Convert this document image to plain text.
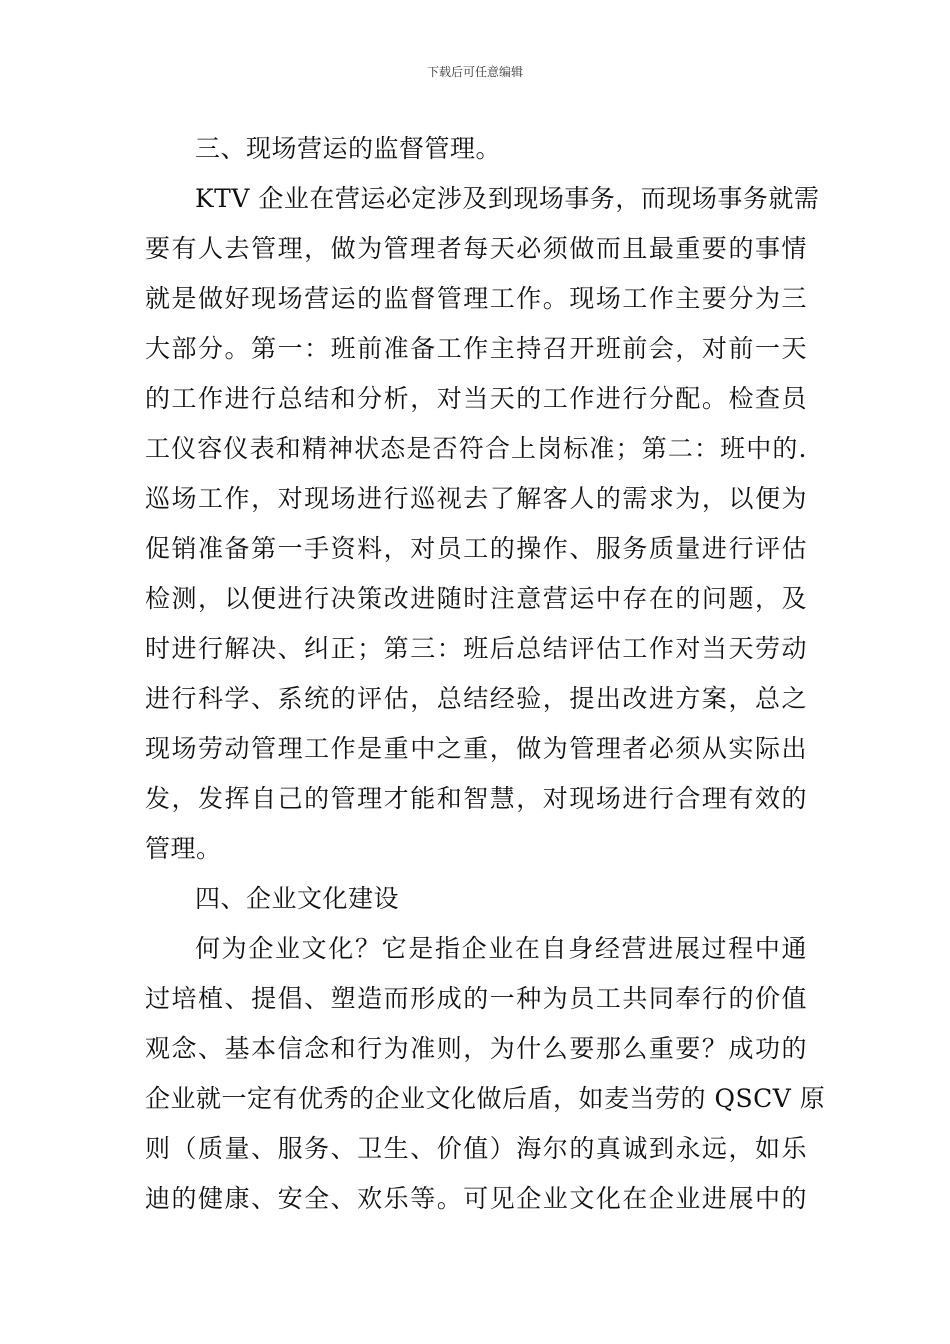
下载后可任意编辑
三、现场营运的监督管理。
KTV 企业在营运必定涉及到现场事务，而现场事务就需
要有人去管理，做为管理者每天必须做而且最重要的事情
就是做好现场营运的监督管理工作。现场工作主要分为三
大部分。第一：班前准备工作主持召开班前会，对前一天
的工作进行总结和分析，对当天的工作进行分配。检查员
工仪容仪表和精神状态是否符合上岗标准；第二：班中的.
巡场工作，对现场进行巡视去了解客人的需求为，以便为
促销准备第一手资料，对员工的操作、服务质量进行评估
检测，以便进行决策改进随时注意营运中存在的问题，及
时进行解决、纠正；第三：班后总结评估工作对当天劳动
进行科学、系统的评估，总结经验，提出改进方案，总之
现场劳动管理工作是重中之重，做为管理者必须从实际出
发，发挥自己的管理才能和智慧，对现场进行合理有效的
管理。
四、企业文化建设
何为企业文化？它是指企业在自身经营进展过程中通
过培植、提倡、塑造而形成的一种为员工共同奉行的价值
观念、基本信念和行为准则，为什么要那么重要？成功的
企业就一定有优秀的企业文化做后盾，如麦当劳的 QSCV 原
则（质量、服务、卫生、价值）海尔的真诚到永远，如乐
迪的健康、安全、欢乐等。可见企业文化在企业进展中的
